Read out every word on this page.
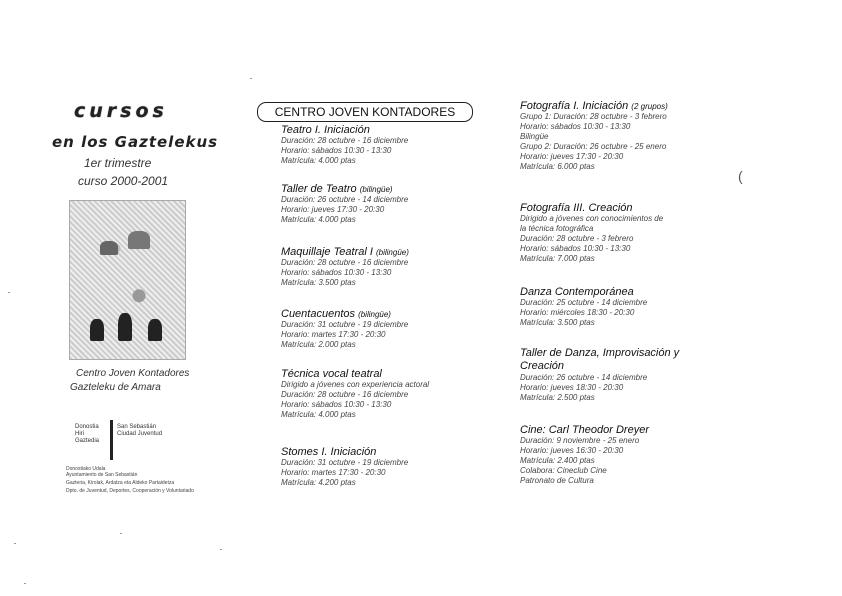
cursos
en los Gaztelekus
1er trimestre
curso 2000-2001
Centro Joven Kontadores
Gazteleku de Amara
Donostia Hiri Gaztedia
San Sebastián Ciudad Juventud
Donostiako Udala
Ayuntamiento de San Sebastián
Gazteria, Kirolak, Ardatza eta Aldeko Partaidetza
Dpto. de Juventud, Deportes, Cooperación y Voluntariado
CENTRO JOVEN KONTADORES
Teatro I. Iniciación
Duración: 28 octubre - 16 diciembre
Horario: sábados 10:30 - 13:30
Matrícula: 4.000 ptas
Taller de Teatro (bilingüe)
Duración: 26 octubre - 14 diciembre
Horario: jueves 17:30 - 20:30
Matrícula: 4.000 ptas
Maquillaje Teatral I (bilingüe)
Duración: 28 octubre - 16 diciembre
Horario: sábados 10:30 - 13:30
Matrícula: 3.500 ptas
Cuentacuentos (bilingüe)
Duración: 31 octubre - 19 diciembre
Horario: martes 17:30 - 20:30
Matrícula: 2.000 ptas
Técnica vocal teatral
Dirigido a jóvenes con experiencia actoral
Duración: 28 octubre - 16 diciembre
Horario: sábados 10:30 - 13:30
Matrícula: 4.000 ptas
Stomes I. Iniciación
Duración: 31 octubre - 19 diciembre
Horario: martes 17:30 - 20:30
Matrícula: 4.200 ptas
Fotografía I. Iniciación (2 grupos)
Grupo 1: Duración: 28 octubre - 3 febrero
Horario: sábados 10:30 - 13:30
Bilingüe
Grupo 2: Duración: 26 octubre - 25 enero
Horario: jueves 17:30 - 20:30
Matrícula: 6.000 ptas
Fotografía III. Creación
Dirigido a jóvenes con conocimientos de
la técnica fotográfica
Duración: 28 octubre - 3 febrero
Horario: sábados 10:30 - 13:30
Matrícula: 7.000 ptas
Danza Contemporánea
Duración: 25 octubre - 14 diciembre
Horario: miércoles 18:30 - 20:30
Matrícula: 3.500 ptas
Taller de Danza, Improvisación y Creación
Duración: 26 octubre - 14 diciembre
Horario: jueves 18:30 - 20:30
Matrícula: 2.500 ptas
Cine: Carl Theodor Dreyer
Duración: 9 noviembre - 25 enero
Horario: jueves 16:30 - 20:30
Matrícula: 2.400 ptas
Colabora: Cineclub Cine
Patronato de Cultura
(
